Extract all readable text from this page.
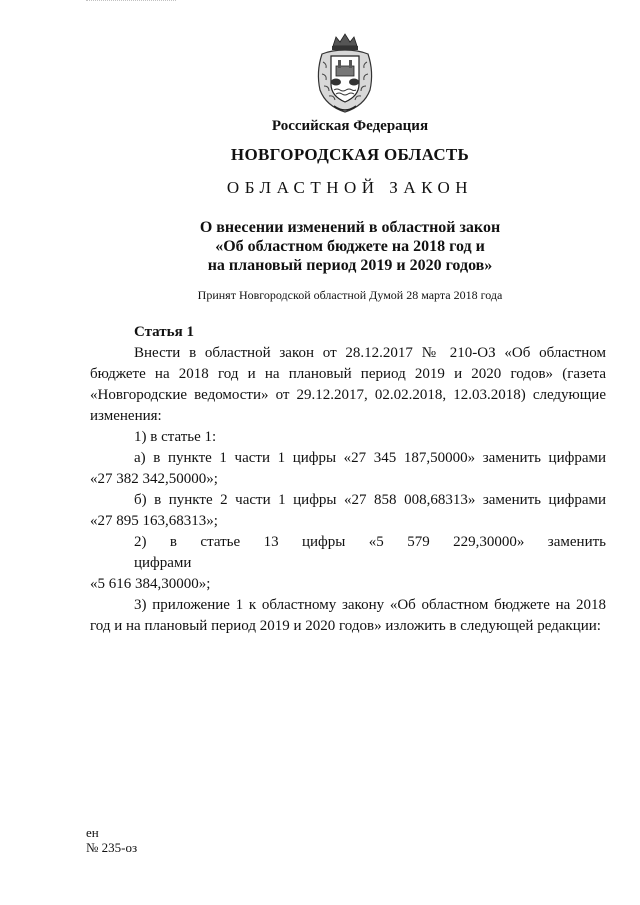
Российская Федерация
НОВГОРОДСКАЯ ОБЛАСТЬ
ОБЛАСТНОЙ ЗАКОН
О внесении изменений в областной закон
«Об областном бюджете на 2018 год и
на плановый период 2019 и 2020 годов»
Принят Новгородской областной Думой 28 марта 2018 года
Статья 1

Внести в областной закон от 28.12.2017 № 210-ОЗ «Об областном
бюджете на 2018 год и на плановый период 2019 и 2020 годов» (газета
«Новгородские ведомости» от 29.12.2017, 02.02.2018, 12.03.2018) следующие
изменения:

1) в статье 1:

а) в пункте 1 части 1 цифры «27 345 187,50000» заменить цифрами
«27 382 342,50000»;

б) в пункте 2 части 1 цифры «27 858 008,68313» заменить цифрами
«27 895 163,68313»;

2) в статье 13 цифры «5 579 229,30000» заменить цифрами
«5 616 384,30000»;

3) приложение 1 к областному закону «Об областном бюджете на 2018
год и на плановый период 2019 и 2020 годов» изложить в следующей редакции:

ен
№ 235-оз
